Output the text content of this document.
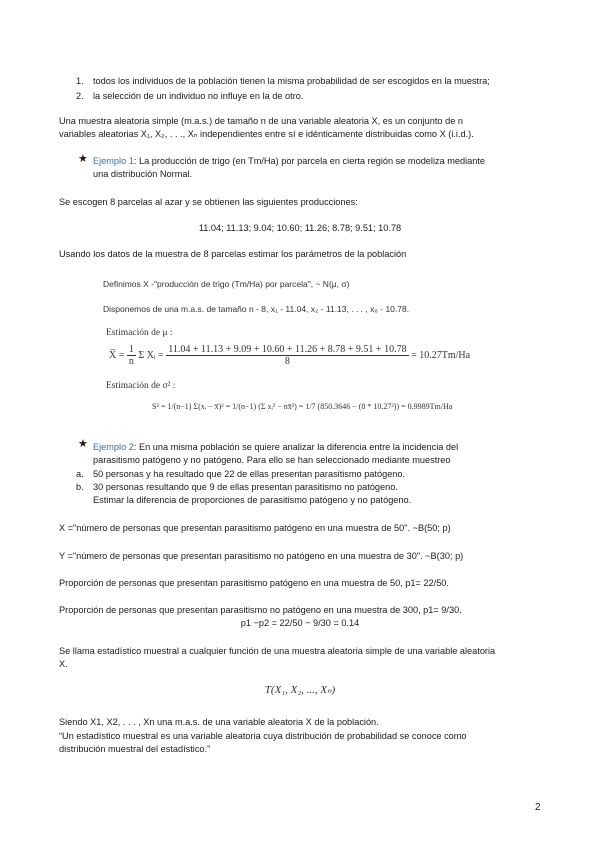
1. todos los individuos de la población tienen la misma probabilidad de ser escogidos en la muestra;
2. la selección de un individuo no influye en la de otro.
Una muestra aleatoria simple (m.a.s.) de tamaño n de una variable aleatoria X, es un conjunto de n
variables aleatorias X₁, X₂, . . ., Xₙ independientes entre sí e idénticamente distribuidas como X (i.i.d.).
★ Ejemplo 1: La producción de trigo (en Tm/Ha) por parcela en cierta región se modeliza mediante
una distribución Normal.
Se escogen 8 parcelas al azar y se obtienen las siguientes producciones:
11.04; 11.13; 9.04; 10.60; 11.26; 8.78; 9.51; 10.78
Usando los datos de la muestra de 8 parcelas estimar los parámetros de la población
Definimos X -"producción de trigo (Tm/Ha) por parcela", ~ N(μ, σ)
Disponemos de una m.a.s. de tamaño n - 8, x₁ - 11.04, x₂ - 11.13, . . . , x₈ - 10.78.
Estimación de μ :
X̅ = $\frac{1}{n}$ Σ Xᵢ = $\frac{11.04 + 11.13 + 9.09 + 10.60 + 11.26 + 8.78 + 9.51 + 10.78}{8} = 10.27Tm/Ha$
Estimación de σ² :
S² = 1/(n−1) Σ(xᵢ − x̅)² = 1/(n−1) (Σ xᵢ² − nx̅²) = 1/7 (850.3646 − (8 * 10.27²)) = 0.9989Tm/Ha
★ Ejemplo 2: En una misma población se quiere analizar la diferencia entre la incidencia del
parasitismo patógeno y no patógeno. Para ello se han seleccionado mediante muestreo
a. 50 personas y ha resultado que 22 de ellas presentan parasitismo patógeno.
b. 30 personas resultando que 9 de ellas presentan parasitismo no patógeno.
Estimar la diferencia de proporciones de parasitismo patógeno y no patógeno.
X ="número de personas que presentan parasitismo patógeno en una muestra de 50". ~B(50; p)
Y ="número de personas que presentan parasitismo no patógeno en una muestra de 30". ~B(30; p)
Proporción de personas que presentan parasitismo patógeno en una muestra de 50, p1= 22/50.
Proporción de personas que presentan parasitismo no patógeno en una muestra de 300, p1= 9/30.
p1 −p2 = 22/50 − 9/30 = 0.14
Se llama estadístico muestral a cualquier función de una muestra aleatoria simple de una variable aleatoria
X.
T(X₁, X₂, ..., Xₙ)
Siendo X1, X2, . . . , Xn una m.a.s. de una variable aleatoria X de la población.
“Un estadístico muestral es una variable aleatoria cuya distribución de probabilidad se conoce como
distribución muestral del estadístico.”
2
